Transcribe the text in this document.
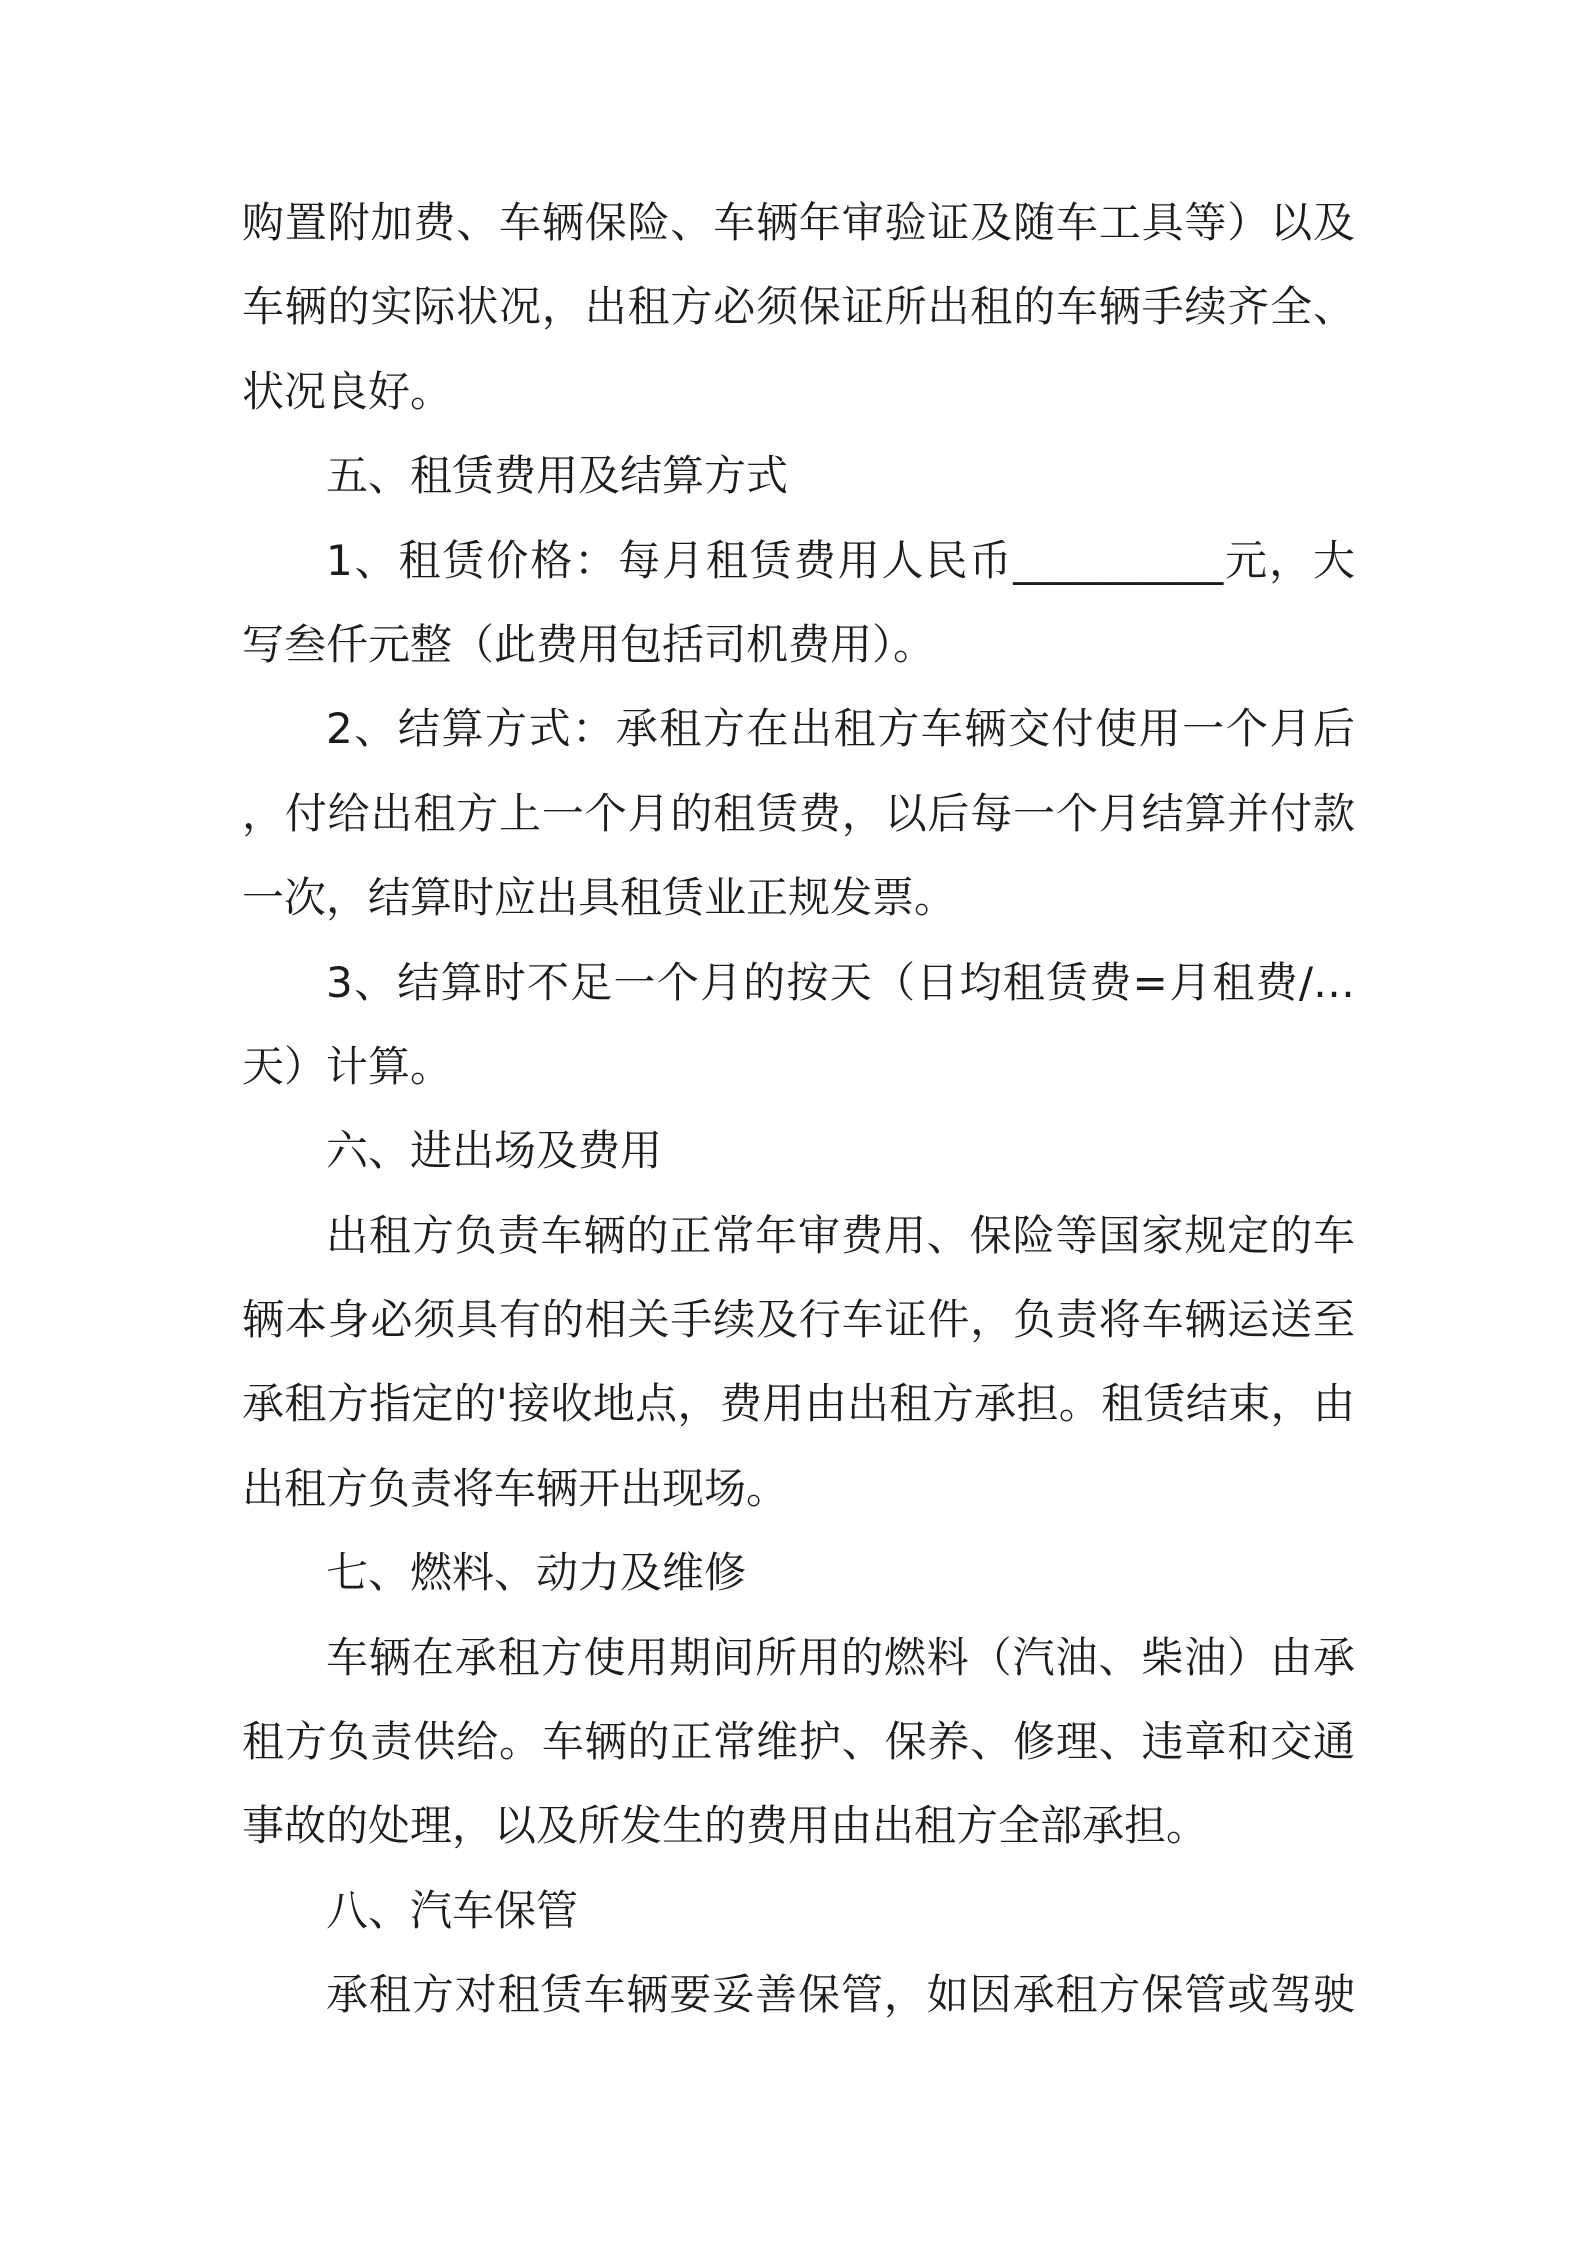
购置附加费、车辆保险、车辆年审验证及随车工具等）以及
车辆的实际状况，出租方必须保证所出租的车辆手续齐全、
状况良好。
五、租赁费用及结算方式
1、租赁价格：每月租赁费用人民币__________元，大
写叁仟元整（此费用包括司机费用）。
2、结算方式：承租方在出租方车辆交付使用一个月后
，付给出租方上一个月的租赁费，以后每一个月结算并付款
一次，结算时应出具租赁业正规发票。
3、结算时不足一个月的按天（日均租赁费=月租费/…
天）计算。
六、进出场及费用
出租方负责车辆的正常年审费用、保险等国家规定的车
辆本身必须具有的相关手续及行车证件，负责将车辆运送至
承租方指定的'接收地点，费用由出租方承担。租赁结束，由
出租方负责将车辆开出现场。
七、燃料、动力及维修
车辆在承租方使用期间所用的燃料（汽油、柴油）由承
租方负责供给。车辆的正常维护、保养、修理、违章和交通
事故的处理，以及所发生的费用由出租方全部承担。
八、汽车保管
承租方对租赁车辆要妥善保管，如因承租方保管或驾驶
